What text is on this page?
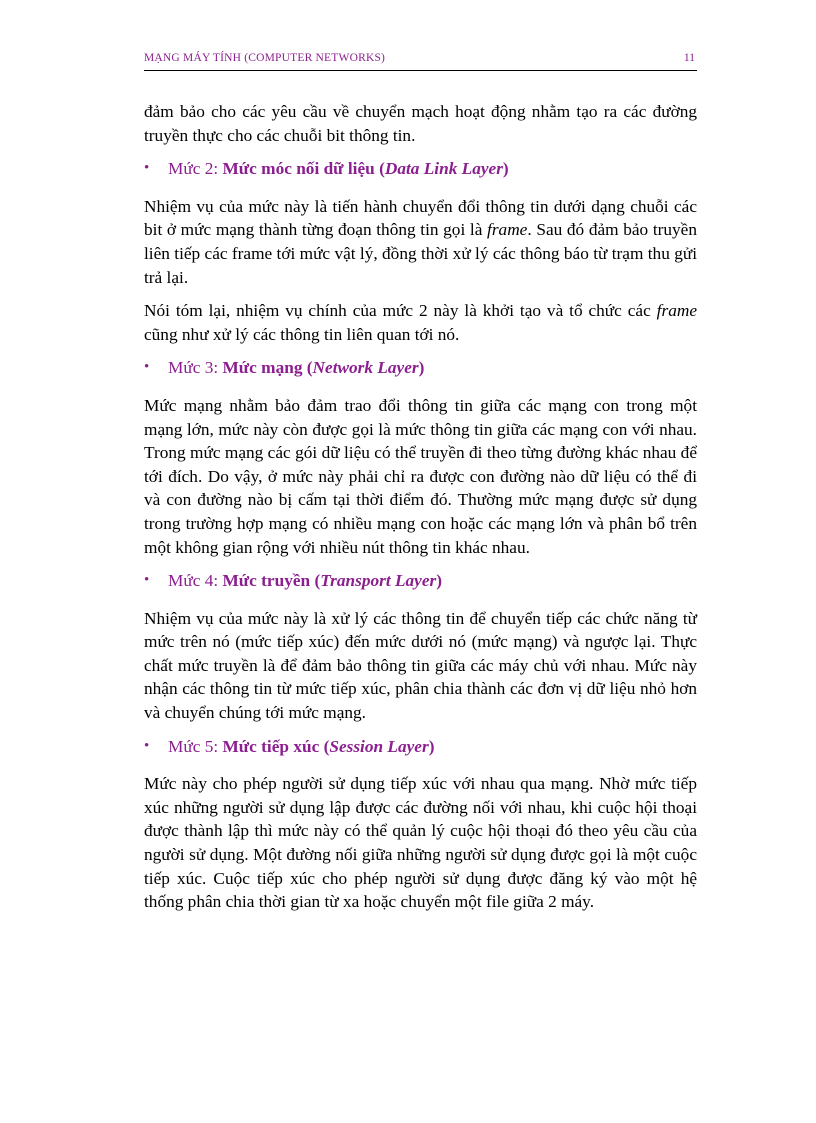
MẠNG MÁY TÍNH (COMPUTER NETWORKS)	11

đảm bảo cho các yêu cầu về chuyển mạch hoạt động nhằm tạo ra các đường truyền thực cho các chuỗi bit thông tin.

• Mức 2: Mức móc nối dữ liệu (Data Link Layer)

Nhiệm vụ của mức này là tiến hành chuyển đổi thông tin dưới dạng chuỗi các bit ở mức mạng thành từng đoạn thông tin gọi là frame. Sau đó đảm bảo truyền liên tiếp các frame tới mức vật lý, đồng thời xử lý các thông báo từ trạm thu gửi trả lại.

Nói tóm lại, nhiệm vụ chính của mức 2 này là khởi tạo và tổ chức các frame cũng như xử lý các thông tin liên quan tới nó.

• Mức 3: Mức mạng (Network Layer)

Mức mạng nhằm bảo đảm trao đổi thông tin giữa các mạng con trong một mạng lớn, mức này còn được gọi là mức thông tin giữa các mạng con với nhau. Trong mức mạng các gói dữ liệu có thể truyền đi theo từng đường khác nhau để tới đích. Do vậy, ở mức này phải chỉ ra được con đường nào dữ liệu có thể đi và con đường nào bị cấm tại thời điểm đó. Thường mức mạng được sử dụng trong trường hợp mạng có nhiều mạng con hoặc các mạng lớn và phân bổ trên một không gian rộng với nhiều nút thông tin khác nhau.

• Mức 4: Mức truyền (Transport Layer)

Nhiệm vụ của mức này là xử lý các thông tin để chuyển tiếp các chức năng từ mức trên nó (mức tiếp xúc) đến mức dưới nó (mức mạng) và ngược lại. Thực chất mức truyền là để đảm bảo thông tin giữa các máy chủ với nhau. Mức này nhận các thông tin từ mức tiếp xúc, phân chia thành các đơn vị dữ liệu nhỏ hơn và chuyển chúng tới mức mạng.

• Mức 5: Mức tiếp xúc (Session Layer)

Mức này cho phép người sử dụng tiếp xúc với nhau qua mạng. Nhờ mức tiếp xúc những người sử dụng lập được các đường nối với nhau, khi cuộc hội thoại được thành lập thì mức này có thể quản lý cuộc hội thoại đó theo yêu cầu của người sử dụng. Một đường nối giữa những người sử dụng được gọi là một cuộc tiếp xúc. Cuộc tiếp xúc cho phép người sử dụng được đăng ký vào một hệ thống phân chia thời gian từ xa hoặc chuyển một file giữa 2 máy.
